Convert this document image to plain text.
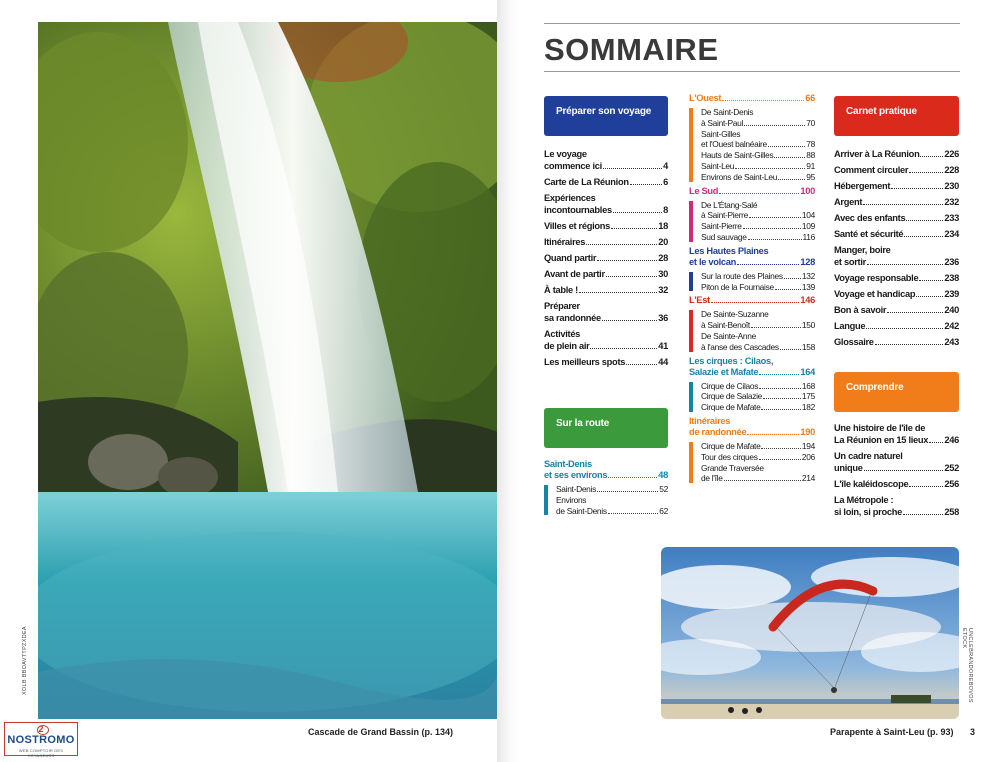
XOLB BBOAVTTPZXDEA
Cascade de Grand Bassin (p. 134)
2
NOSTROMO
WEB COMPTOIR DES VOYAGEURS
SOMMAIRE
Préparer son voyage
Le voyage
commence ici	4
Carte de La Réunion	6
Expériences
incontournables	8
Villes et régions	18
Itinéraires	20
Quand partir	28
Avant de partir	30
À table !	32
Préparer
sa randonnée	36
Activités
de plein air	41
Les meilleurs spots	44
Sur la route
Saint-Denis
et ses environs	48
Saint-Denis	52
Environs
de Saint-Denis	62
L'Ouest	66
De Saint-Denis
à Saint-Paul	70
Saint-Gilles
et l'Ouest balnéaire	78
Hauts de Saint-Gilles	88
Saint-Leu	91
Environs de Saint-Leu	95
Le Sud	100
De L'Étang-Salé
à Saint-Pierre	104
Saint-Pierre	109
Sud sauvage	116
Les Hautes Plaines
et le volcan	128
Sur la route des Plaines 132
Piton de la Fournaise	139
L'Est	146
De Sainte-Suzanne
à Saint-Benoît	150
De Sainte-Anne
à l'anse des Cascades	158
Les cirques : Cilaos,
Salazie et Mafate	164
Cirque de Cilaos	168
Cirque de Salazie	175
Cirque de Mafate	182
Itinéraires
de randonnée	190
Cirque de Mafate	194
Tour des cirques	206
Grande Traversée
de l'île	214
Carnet pratique
Arriver à La Réunion	226
Comment circuler	228
Hébergement	230
Argent	232
Avec des enfants	233
Santé et sécurité	234
Manger, boire
et sortir	236
Voyage responsable	238
Voyage et handicap	239
Bon à savoir	240
Langue	242
Glossaire	243
Comprendre
Une histoire de l'île de
La Réunion en 15 lieux 246
Un cadre naturel
unique	252
L'île kaléidoscope	256
La Métropole :
si loin, si proche	258
UNCLEBRANDOREBOVOS ETOCK
Parapente à Saint-Leu (p. 93) 3
